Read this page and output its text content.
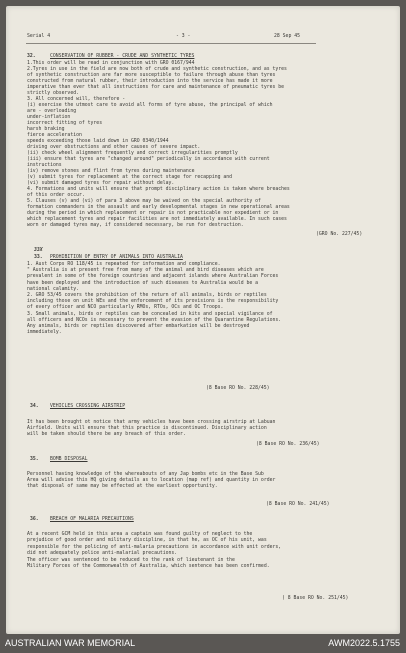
Serial 4	- 3 -	28 Sep 45
32.	CONSERVATION OF RUBBER - CRUDE AND SYNTHETIC TYRES
1.This order will be read in conjunction with GRO 0167/944
2.Tyres in use in the field are now both of crude and synthetic construction, and as tyres
of synthetic construction are far more susceptible to failure through abuse than tyres
constructed from natural rubber, their introduction into the service has made it more
imperative than ever that all instructions for care and maintenance of pneumatic tyres be
strictly observed.
3. All concerned will, therefore -
(i) exercise the utmost care to avoid all forms of tyre abuse, the principal of which
are - overloading
under-inflation
incorrect fitting of tyres
harsh braking
fierce acceleration
speeds exceeding those laid down in GRO 0340/1944
driving over obstructions and other causes of severe impact.
(ii) check wheel alignment frequently and correct irregularities promptly
(iii) ensure that tyres are "changed around" periodically in accordance with current
instructions
(iv) remove stones and flint from tyres during maintenance
(v) submit tyres for replacement at the correct stage for recapping and
(vi) submit damaged tyres for repair without delay.
4. Formations and units will ensure that prompt disciplinary action is taken where breaches
of this order occur.
5. Clauses (v) and (vi) of para 3 above may be waived on the special authority of
formation commanders in the assault and early developmental stages in new operational areas
during the period in which replacement or repair is not practicable nor expedient or in
which replacement tyres and repair facilities are not immediately available. In such cases
worn or damaged tyres may, if considered necessary, be run for destruction.
(GRO No. 227/45)
33X
33. PROHIBITION OF ENTRY OF ANIMALS INTO AUSTRALIA
1. Aust Corps RO 118/45 is repeated for information and compliance.
" Australia is at present free from many of the animal and bird diseases which are
prevalent in some of the foreign countries and adjacent islands where Australian Forces
have been deployed and the introduction of such diseases to Australia would be a
national calamity.
2. GRO 53/45 covers the prohibition of the return of all animals, birds or reptiles
including those on unit WEs and the enforcement of its provisions is the responsibility
of every officer and NCO particularly RMOs, RTOs, OCs and OC Troops.
3. Small animals, birds or reptiles can be concealed in kits and special vigilance of
all officers and NCOs is necessary to prevent the evasion of the Quarantine Regulations.
Any animals, birds or reptiles discovered after embarkation will be destroyed
immediately.
(8 Base RO No. 228/45)
34. VEHICLES CROSSING AIRSTRIP
It has been brought ot notice that army vehicles have been crossing airstrip at Labuan
Airfield. Units will ensure that this practice is discontinued. Disciplinary action
will be taken should there be any breach of this order.
(8 Base RO No. 236/45)
35. BOMB DISPOSAL
Personnel having knowledge of the whereabouts of any Jap bombs etc in the Base Sub
Area will advise this HQ giving details as to location (map ref) and quantity in order
that disposal of same may be effected at the earliest opportunity.
(8 Base RO No. 241/45)
36. BREACH OF MALARIA PRECAUTIONS
At a recent GCM held in this area a captain was found guilty of neglect to the
prejudice of good order and military discipline, in that he, as OC of his unit, was
responsible for the policing of anti-malaria precautions in accordance with unit orders,
did not adequately police anti-malarial precautions.
The officer was sentenced to be reduced to the rank of lieutenant in the
Military Forces of the Commonwealth of Australia, which sentence has been confirmed.
( 8 Base RO No. 251/45)
AUSTRALIAN WAR MEMORIAL	AWM2022.5.1755
